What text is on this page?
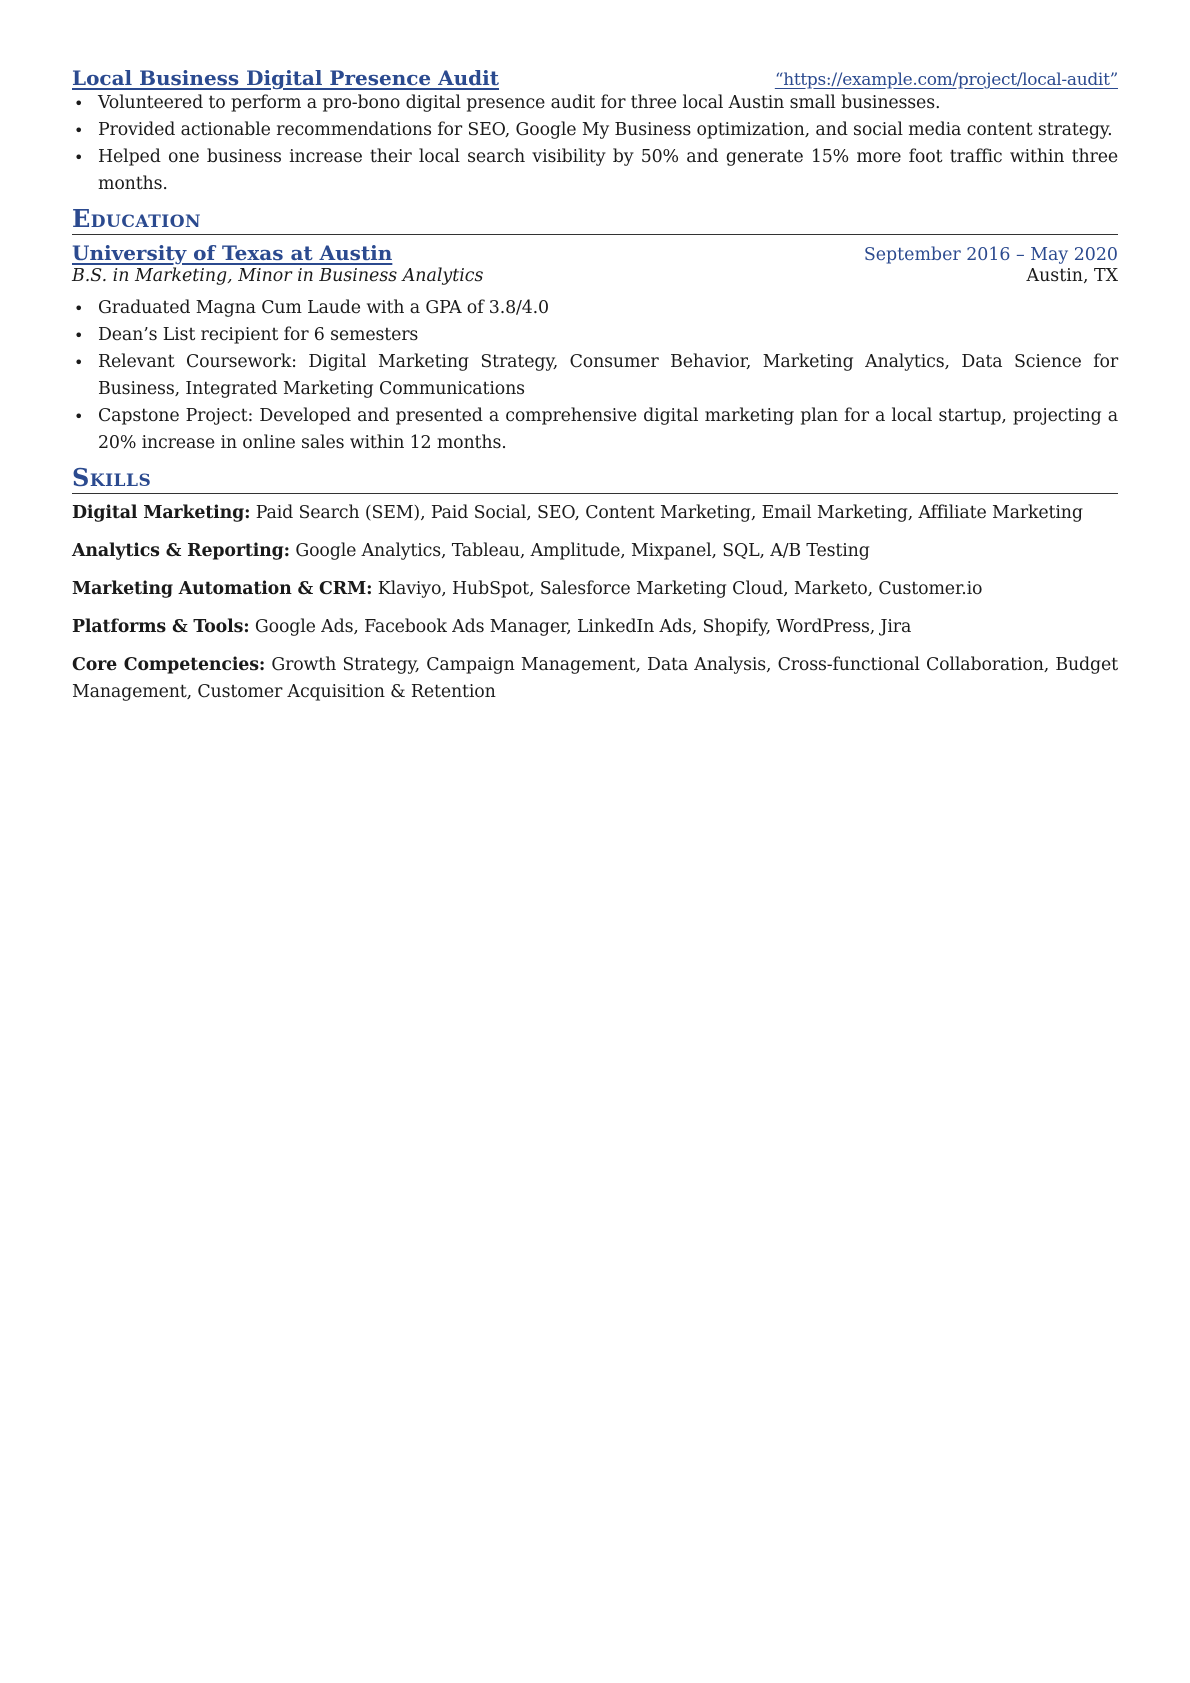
Local Business Digital Presence Audit	“https://example.com/project/local-audit”
• Volunteered to perform a pro-bono digital presence audit for three local Austin small businesses.
• Provided actionable recommendations for SEO, Google My Business optimization, and social media content strategy.
• Helped one business increase their local search visibility by 50% and generate 15% more foot traffic within three months.
Education
University of Texas at Austin	September 2016 – May 2020
B.S. in Marketing, Minor in Business Analytics	Austin, TX
• Graduated Magna Cum Laude with a GPA of 3.8/4.0
• Dean’s List recipient for 6 semesters
• Relevant Coursework: Digital Marketing Strategy, Consumer Behavior, Marketing Analytics, Data Science for Business, Integrated Marketing Communications
• Capstone Project: Developed and presented a comprehensive digital marketing plan for a local startup, projecting a 20% increase in online sales within 12 months.
Skills
Digital Marketing: Paid Search (SEM), Paid Social, SEO, Content Marketing, Email Marketing, Affiliate Marketing
Analytics & Reporting: Google Analytics, Tableau, Amplitude, Mixpanel, SQL, A/B Testing
Marketing Automation & CRM: Klaviyo, HubSpot, Salesforce Marketing Cloud, Marketo, Customer.io
Platforms & Tools: Google Ads, Facebook Ads Manager, LinkedIn Ads, Shopify, WordPress, Jira
Core Competencies: Growth Strategy, Campaign Management, Data Analysis, Cross-functional Collaboration, Budget Management, Customer Acquisition & Retention
